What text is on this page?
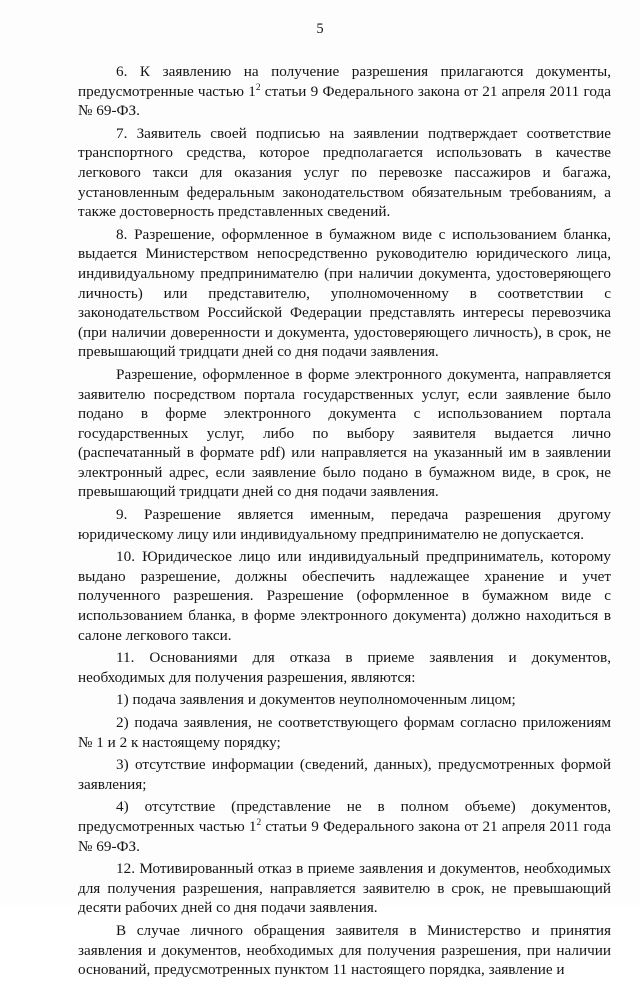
5

6. К заявлению на получение разрешения прилагаются документы, предусмотренные частью $1^2$ статьи 9 Федерального закона от 21 апреля 2011 года № 69-ФЗ.

7. Заявитель своей подписью на заявлении подтверждает соответствие транспортного средства, которое предполагается использовать в качестве легкового такси для оказания услуг по перевозке пассажиров и багажа, установленным федеральным законодательством обязательным требованиям, а также достоверность представленных сведений.

8. Разрешение, оформленное в бумажном виде с использованием бланка, выдается Министерством непосредственно руководителю юридического лица, индивидуальному предпринимателю (при наличии документа, удостоверяющего личность) или представителю, уполномоченному в соответствии с законодательством Российской Федерации представлять интересы перевозчика (при наличии доверенности и документа, удостоверяющего личность), в срок, не превышающий тридцати дней со дня подачи заявления.

Разрешение, оформленное в форме электронного документа, направляется заявителю посредством портала государственных услуг, если заявление было подано в форме электронного документа с использованием портала государственных услуг, либо по выбору заявителя выдается лично (распечатанный в формате pdf) или направляется на указанный им в заявлении электронный адрес, если заявление было подано в бумажном виде, в срок, не превышающий тридцати дней со дня подачи заявления.

9. Разрешение является именным, передача разрешения другому юридическому лицу или индивидуальному предпринимателю не допускается.

10. Юридическое лицо или индивидуальный предприниматель, которому выдано разрешение, должны обеспечить надлежащее хранение и учет полученного разрешения. Разрешение (оформленное в бумажном виде с использованием бланка, в форме электронного документа) должно находиться в салоне легкового такси.

11. Основаниями для отказа в приеме заявления и документов, необходимых для получения разрешения, являются:

1) подача заявления и документов неуполномоченным лицом;

2) подача заявления, не соответствующего формам согласно приложениям № 1 и 2 к настоящему порядку;

3) отсутствие информации (сведений, данных), предусмотренных формой заявления;

4) отсутствие (представление не в полном объеме) документов, предусмотренных частью $1^2$ статьи 9 Федерального закона от 21 апреля 2011 года № 69-ФЗ.

12. Мотивированный отказ в приеме заявления и документов, необходимых для получения разрешения, направляется заявителю в срок, не превышающий десяти рабочих дней со дня подачи заявления.

В случае личного обращения заявителя в Министерство и принятия заявления и документов, необходимых для получения разрешения, при наличии оснований, предусмотренных пунктом 11 настоящего порядка, заявление и
